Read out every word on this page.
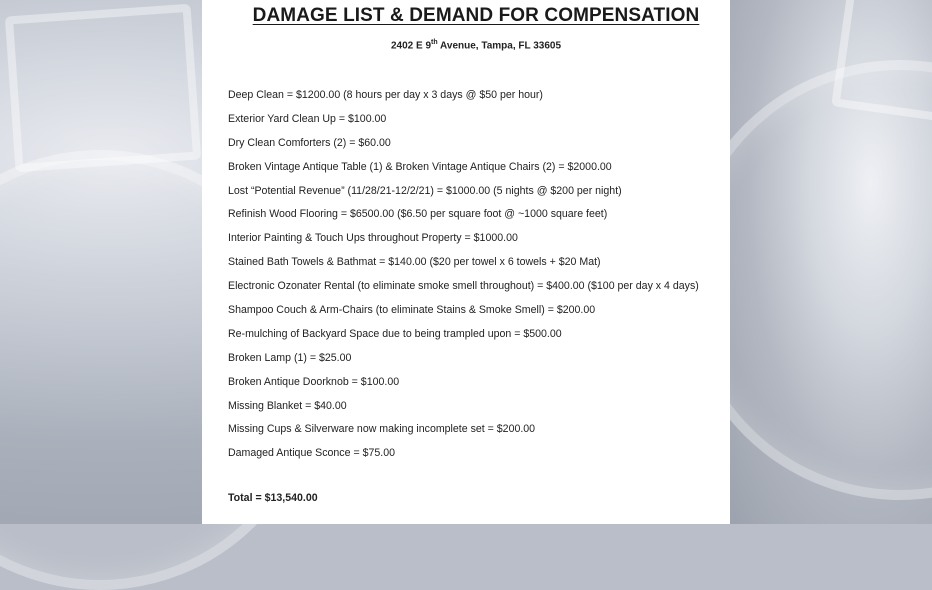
DAMAGE LIST & DEMAND FOR COMPENSATION
2402 E 9th Avenue, Tampa, FL 33605
Deep Clean = $1200.00 (8 hours per day x 3 days @ $50 per hour)
Exterior Yard Clean Up = $100.00
Dry Clean Comforters (2) = $60.00
Broken Vintage Antique Table (1) & Broken Vintage Antique Chairs (2) = $2000.00
Lost “Potential Revenue” (11/28/21-12/2/21) = $1000.00 (5 nights @ $200 per night)
Refinish Wood Flooring = $6500.00 ($6.50 per square foot @ ~1000 square feet)
Interior Painting & Touch Ups throughout Property = $1000.00
Stained Bath Towels & Bathmat = $140.00 ($20 per towel x 6 towels + $20 Mat)
Electronic Ozonater Rental (to eliminate smoke smell throughout) = $400.00 ($100 per day x 4 days)
Shampoo Couch & Arm-Chairs (to eliminate Stains & Smoke Smell) = $200.00
Re-mulching of Backyard Space due to being trampled upon = $500.00
Broken Lamp (1) = $25.00
Broken Antique Doorknob = $100.00
Missing Blanket = $40.00
Missing Cups & Silverware now making incomplete set = $200.00
Damaged Antique Sconce = $75.00
Total = $13,540.00
